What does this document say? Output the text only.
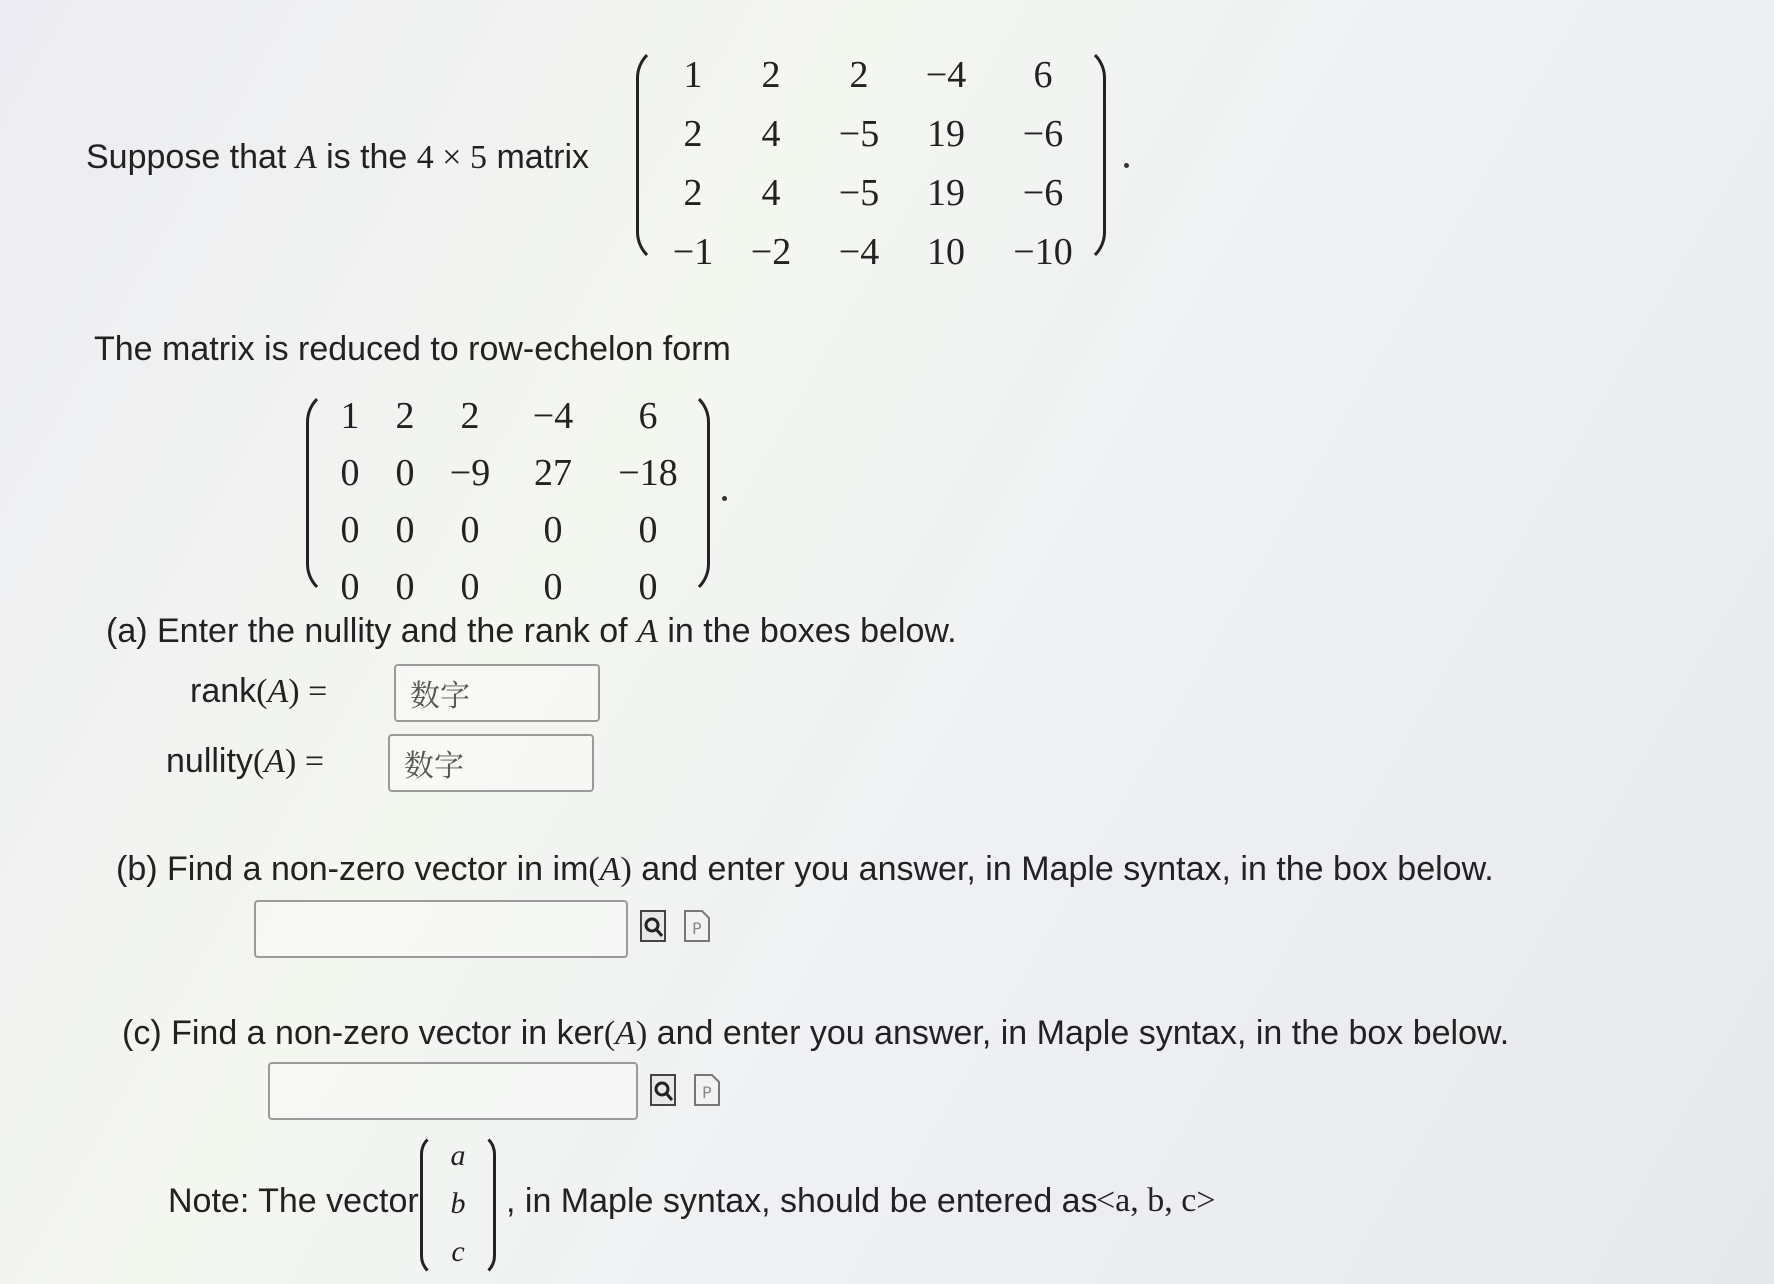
Suppose that A is the 4 × 5 matrix
1	2	2	−4	6
2	4	−5	19	−6
2	4	−5	19	−6
−1 −2	−4	10	−10
The matrix is reduced to row-echelon form
1 2	2	−4	6
0 0 −9	27	−18
0 0	0	0	0
0 0	0	0	0
(a) Enter the nullity and the rank of A in the boxes below.
rank(A) =	数字
nullity(A) =	数字
(b) Find a non-zero vector in im(A) and enter you answer, in Maple syntax, in the box below.
P
(c) Find a non-zero vector in ker(A) and enter you answer, in Maple syntax, in the box below.
P
Note: The vector
a
b
c
, in Maple syntax, should be entered as
<a, b, c>
